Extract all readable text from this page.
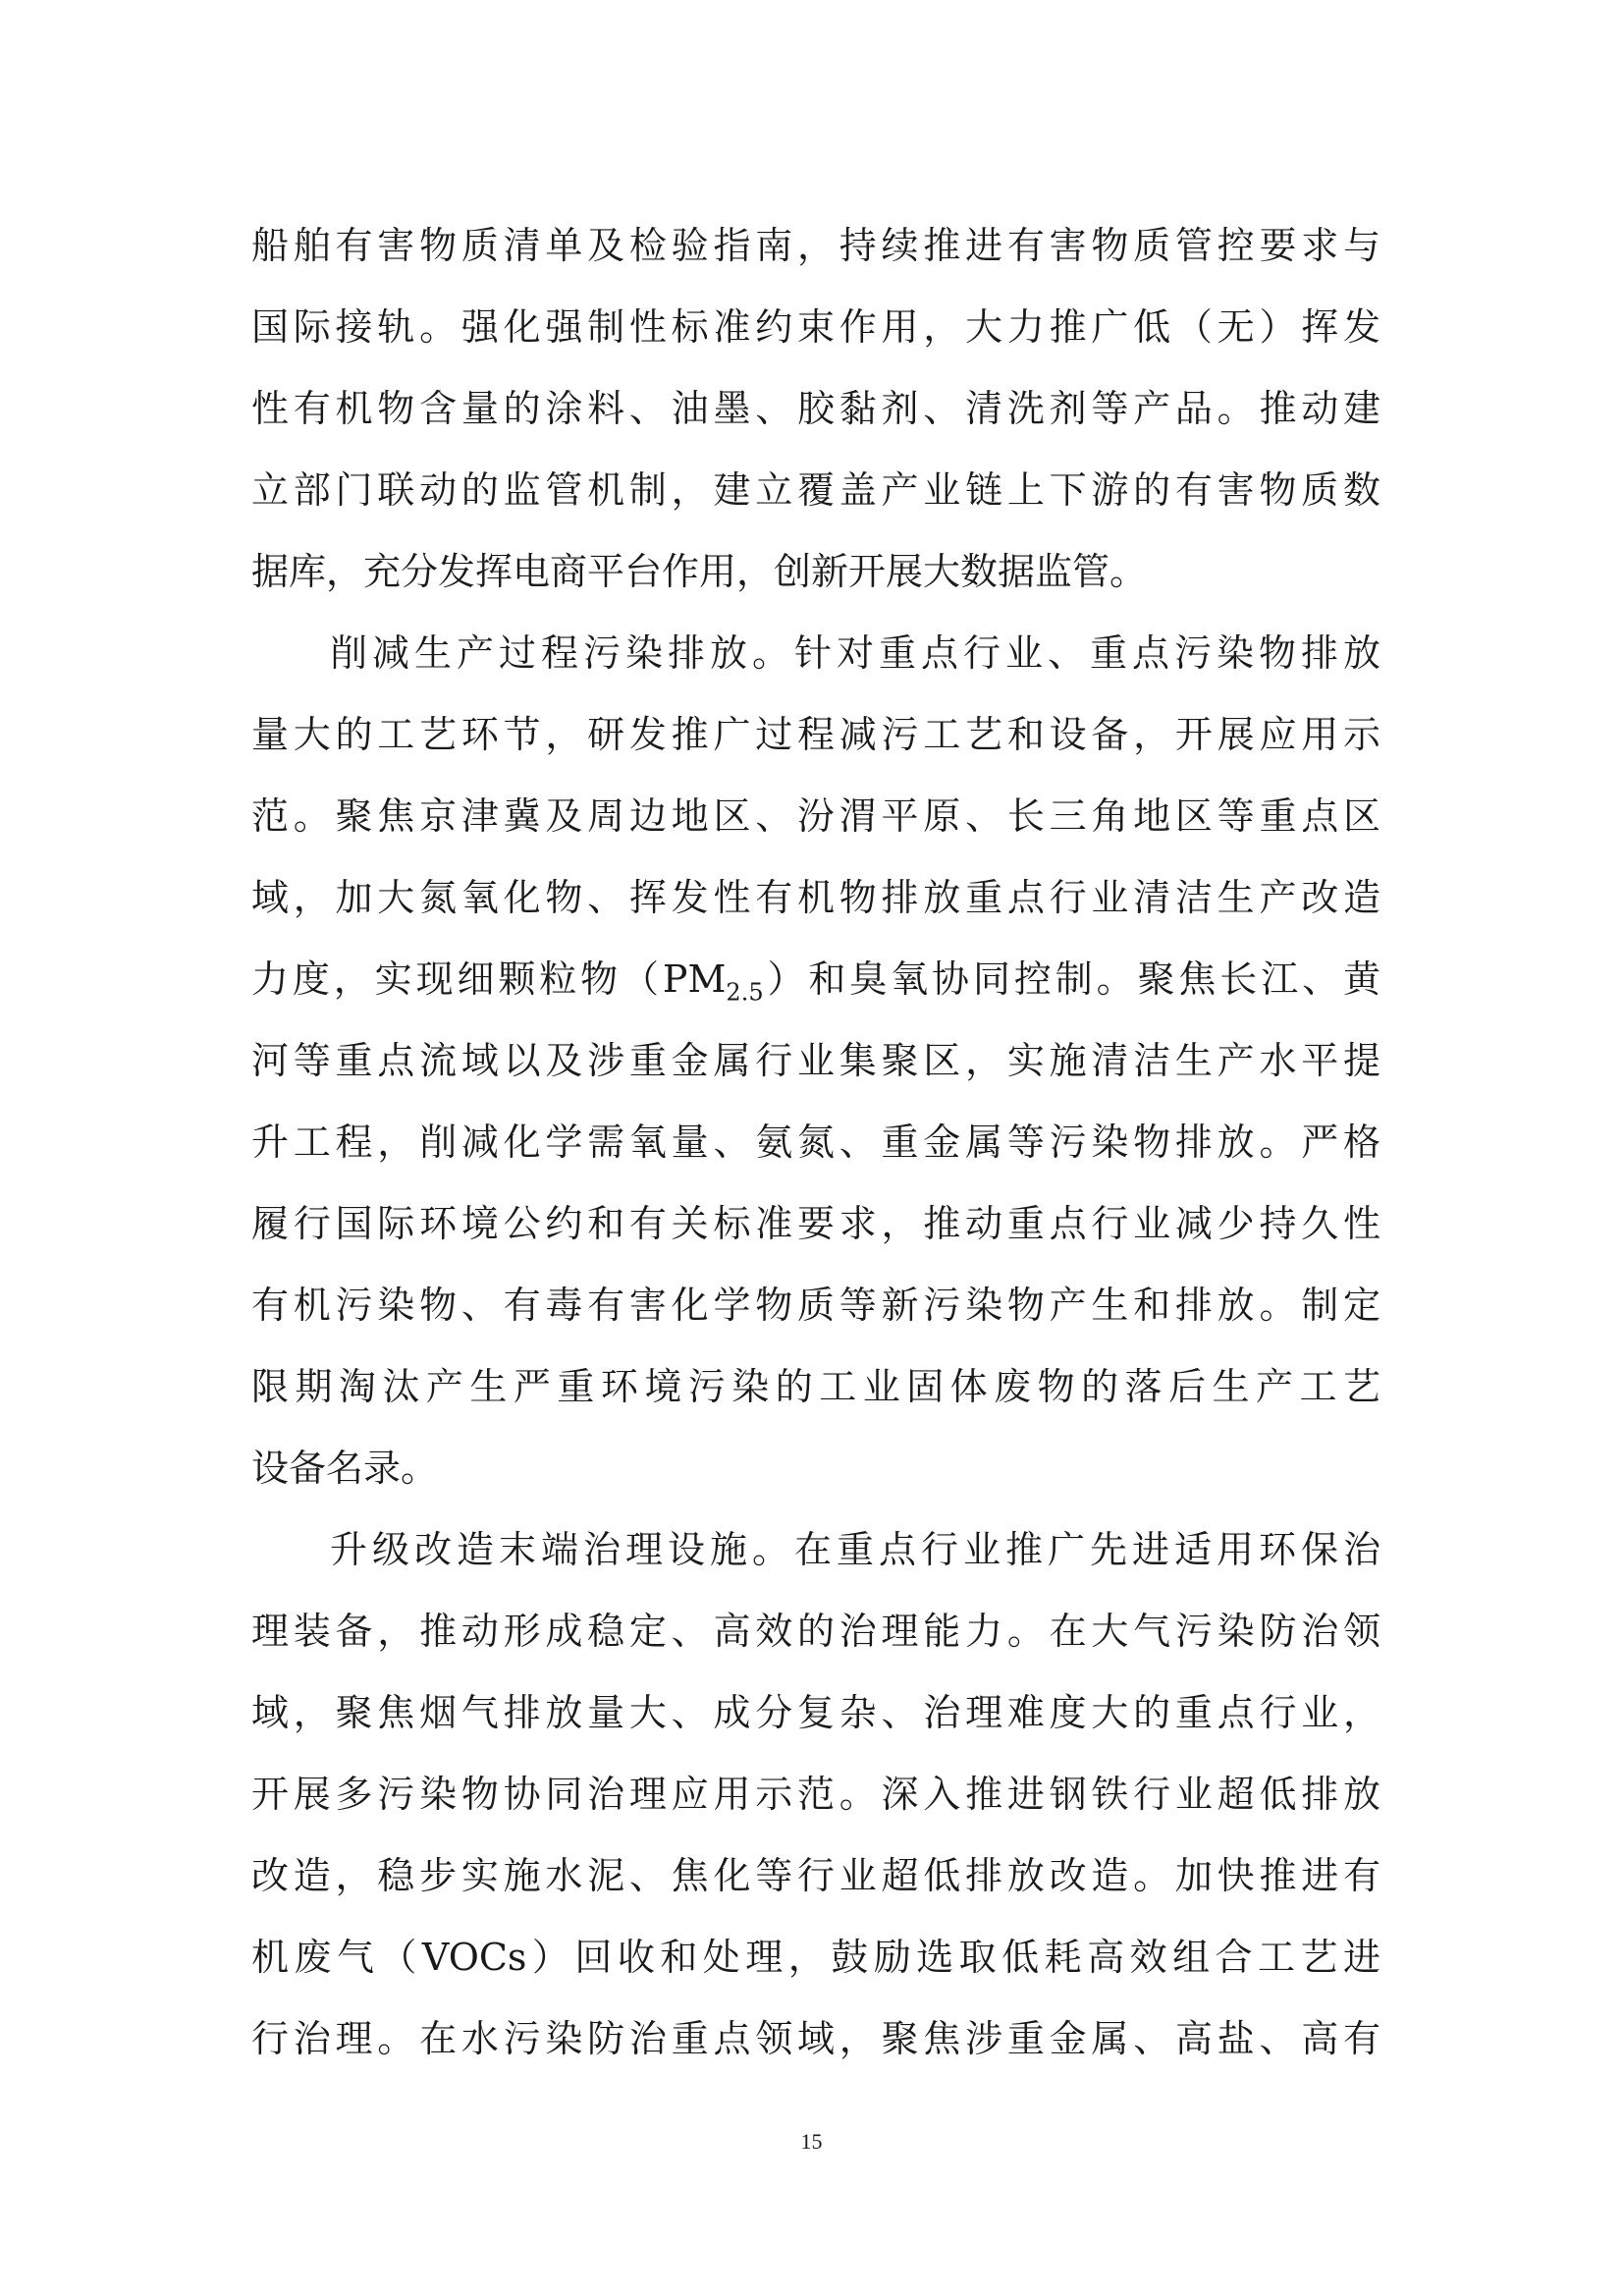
船舶有害物质清单及检验指南，持续推进有害物质管控要求与
国际接轨。强化强制性标准约束作用，大力推广低（无）挥发
性有机物含量的涂料、油墨、胶黏剂、清洗剂等产品。推动建
立部门联动的监管机制，建立覆盖产业链上下游的有害物质数
据库，充分发挥电商平台作用，创新开展大数据监管。
削减生产过程污染排放。针对重点行业、重点污染物排放
量大的工艺环节，研发推广过程减污工艺和设备，开展应用示
范。聚焦京津冀及周边地区、汾渭平原、长三角地区等重点区
域，加大氮氧化物、挥发性有机物排放重点行业清洁生产改造
力度，实现细颗粒物$(PM_{2.5})$和臭氧协同控制。聚焦长江、黄
河等重点流域以及涉重金属行业集聚区，实施清洁生产水平提
升工程，削减化学需氧量、氨氮、重金属等污染物排放。严格
履行国际环境公约和有关标准要求，推动重点行业减少持久性
有机污染物、有毒有害化学物质等新污染物产生和排放。制定
限期淘汰产生严重环境污染的工业固体废物的落后生产工艺
设备名录。
升级改造末端治理设施。在重点行业推广先进适用环保治
理装备，推动形成稳定、高效的治理能力。在大气污染防治领
域，聚焦烟气排放量大、成分复杂、治理难度大的重点行业，
开展多污染物协同治理应用示范。深入推进钢铁行业超低排放
改造，稳步实施水泥、焦化等行业超低排放改造。加快推进有
机废气（VOCs）回收和处理，鼓励选取低耗高效组合工艺进
行治理。在水污染防治重点领域，聚焦涉重金属、高盐、高有
15
